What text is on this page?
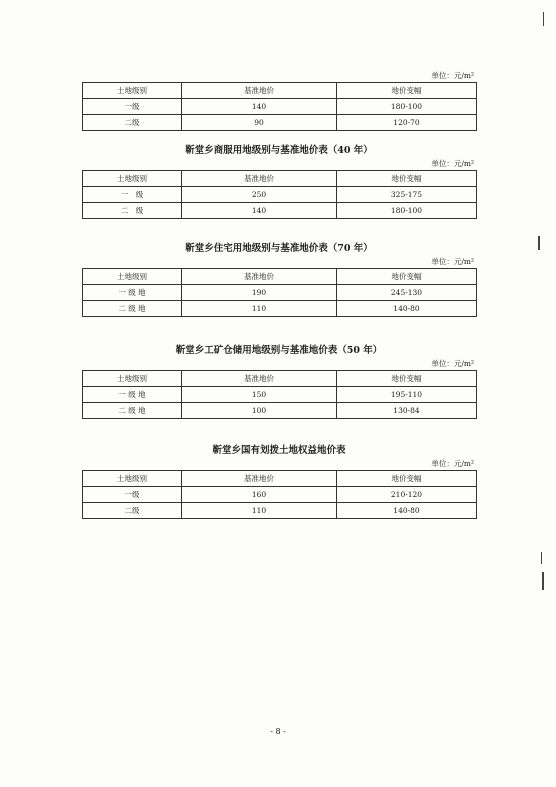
单位：元/m²
土地级别	基准地价	地价变幅
一级	140	180-100
二级	90	120-70
靳堂乡商服用地级别与基准地价表（40 年）
单位：元/m²
土地级别	基准地价	地价变幅
一　级	250	325-175
二　级	140	180-100
靳堂乡住宅用地级别与基准地价表（70 年）
单位：元/m²
土地级别	基准地价	地价变幅
一 级 地	190	245-130
二 级 地	110	140-80
靳堂乡工矿仓储用地级别与基准地价表（50 年）
单位：元/m²
土地级别	基准地价	地价变幅
一 级 地	150	195-110
二 级 地	100	130-84
靳堂乡国有划拨土地权益地价表
单位：元/m²
土地级别	基准地价	地价变幅
一级	160	210-120
二级	110	140-80
- 8 -
